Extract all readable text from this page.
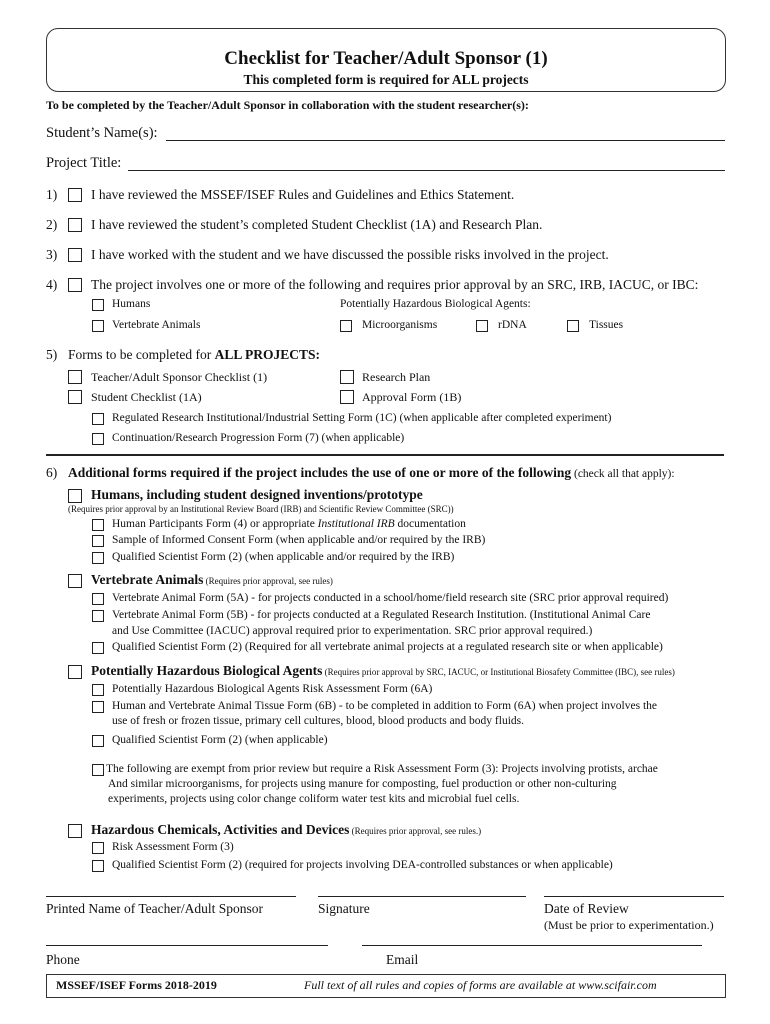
Checklist for Teacher/Adult Sponsor (1)
This completed form is required for ALL projects
To be completed by the Teacher/Adult Sponsor in collaboration with the student researcher(s):
Student’s Name(s):
Project Title:
1)	I have reviewed the MSSEF/ISEF Rules and Guidelines and Ethics Statement.
2)	I have reviewed the student’s completed Student Checklist (1A) and Research Plan.
3)	I have worked with the student and we have discussed the possible risks involved in the project.
4)	The project involves one or more of the following and requires prior approval by an SRC, IRB, IACUC, or IBC:
Humans	Potentially Hazardous Biological Agents:
Vertebrate Animals	Microorganisms	rDNA	Tissues
5) Forms to be completed for ALL PROJECTS:
Teacher/Adult Sponsor Checklist (1)	Research Plan
Student Checklist (1A)	Approval Form (1B)
Regulated Research Institutional/Industrial Setting Form (1C) (when applicable after completed experiment)
Continuation/Research Progression Form (7) (when applicable)
6) Additional forms required if the project includes the use of one or more of the following (check all that apply):
Humans, including student designed inventions/prototype
(Requires prior approval by an Institutional Review Board (IRB) and Scientific Review Committee (SRC))
Human Participants Form (4) or appropriate Institutional IRB documentation
Sample of Informed Consent Form (when applicable and/or required by the IRB)
Qualified Scientist Form (2) (when applicable and/or required by the IRB)
Vertebrate Animals (Requires prior approval, see rules)
Vertebrate Animal Form (5A) - for projects conducted in a school/home/field research site (SRC prior approval required)
Vertebrate Animal Form (5B) - for projects conducted at a Regulated Research Institution. (Institutional Animal Care
and Use Committee (IACUC) approval required prior to experimentation. SRC prior approval required.)
Qualified Scientist Form (2) (Required for all vertebrate animal projects at a regulated research site or when applicable)
Potentially Hazardous Biological Agents (Requires prior approval by SRC, IACUC, or Institutional Biosafety Committee (IBC), see rules)
Potentially Hazardous Biological Agents Risk Assessment Form (6A)
Human and Vertebrate Animal Tissue Form (6B) - to be completed in addition to Form (6A) when project involves the
use of fresh or frozen tissue, primary cell cultures, blood, blood products and body fluids.
Qualified Scientist Form (2) (when applicable)
The following are exempt from prior review but require a Risk Assessment Form (3): Projects involving protists, archae
And similar microorganisms, for projects using manure for composting, fuel production or other non-culturing
experiments, projects using color change coliform water test kits and microbial fuel cells.
Hazardous Chemicals, Activities and Devices (Requires prior approval, see rules.)
Risk Assessment Form (3)
Qualified Scientist Form (2) (required for projects involving DEA-controlled substances or when applicable)
Printed Name of Teacher/Adult Sponsor	Signature	Date of Review
(Must be prior to experimentation.)
Phone	Email
MSSEF/ISEF Forms 2018-2019	Full text of all rules and copies of forms are available at www.scifair.com
